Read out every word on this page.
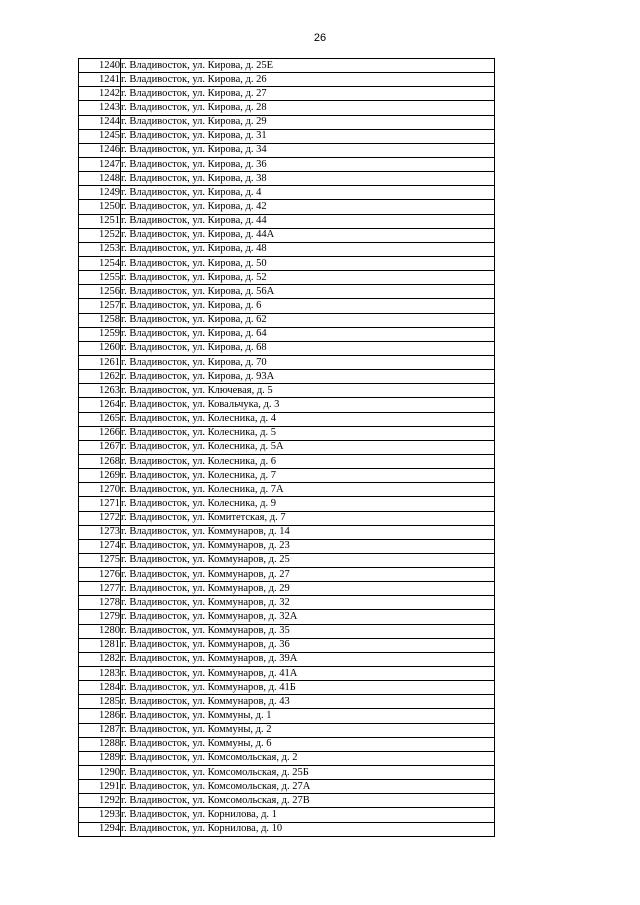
26
1240	г. Владивосток, ул. Кирова, д. 25Е
1241	г. Владивосток, ул. Кирова, д. 26
1242	г. Владивосток, ул. Кирова, д. 27
1243	г. Владивосток, ул. Кирова, д. 28
1244	г. Владивосток, ул. Кирова, д. 29
1245	г. Владивосток, ул. Кирова, д. 31
1246	г. Владивосток, ул. Кирова, д. 34
1247	г. Владивосток, ул. Кирова, д. 36
1248	г. Владивосток, ул. Кирова, д. 38
1249	г. Владивосток, ул. Кирова, д. 4
1250	г. Владивосток, ул. Кирова, д. 42
1251	г. Владивосток, ул. Кирова, д. 44
1252	г. Владивосток, ул. Кирова, д. 44А
1253	г. Владивосток, ул. Кирова, д. 48
1254	г. Владивосток, ул. Кирова, д. 50
1255	г. Владивосток, ул. Кирова, д. 52
1256	г. Владивосток, ул. Кирова, д. 56А
1257	г. Владивосток, ул. Кирова, д. 6
1258	г. Владивосток, ул. Кирова, д. 62
1259	г. Владивосток, ул. Кирова, д. 64
1260	г. Владивосток, ул. Кирова, д. 68
1261	г. Владивосток, ул. Кирова, д. 70
1262	г. Владивосток, ул. Кирова, д. 93А
1263	г. Владивосток, ул. Ключевая, д. 5
1264	г. Владивосток, ул. Ковальчука, д. 3
1265	г. Владивосток, ул. Колесника, д. 4
1266	г. Владивосток, ул. Колесника, д. 5
1267	г. Владивосток, ул. Колесника, д. 5А
1268	г. Владивосток, ул. Колесника, д. 6
1269	г. Владивосток, ул. Колесника, д. 7
1270	г. Владивосток, ул. Колесника, д. 7А
1271	г. Владивосток, ул. Колесника, д. 9
1272	г. Владивосток, ул. Комитетская, д. 7
1273	г. Владивосток, ул. Коммунаров, д. 14
1274	г. Владивосток, ул. Коммунаров, д. 23
1275	г. Владивосток, ул. Коммунаров, д. 25
1276	г. Владивосток, ул. Коммунаров, д. 27
1277	г. Владивосток, ул. Коммунаров, д. 29
1278	г. Владивосток, ул. Коммунаров, д. 32
1279	г. Владивосток, ул. Коммунаров, д. 32А
1280	г. Владивосток, ул. Коммунаров, д. 35
1281	г. Владивосток, ул. Коммунаров, д. 36
1282	г. Владивосток, ул. Коммунаров, д. 39А
1283	г. Владивосток, ул. Коммунаров, д. 41А
1284	г. Владивосток, ул. Коммунаров, д. 41Б
1285	г. Владивосток, ул. Коммунаров, д. 43
1286	г. Владивосток, ул. Коммуны, д. 1
1287	г. Владивосток, ул. Коммуны, д. 2
1288	г. Владивосток, ул. Коммуны, д. 6
1289	г. Владивосток, ул. Комсомольская, д. 2
1290	г. Владивосток, ул. Комсомольская, д. 25Б
1291	г. Владивосток, ул. Комсомольская, д. 27А
1292	г. Владивосток, ул. Комсомольская, д. 27В
1293	г. Владивосток, ул. Корнилова, д. 1
1294	г. Владивосток, ул. Корнилова, д. 10
